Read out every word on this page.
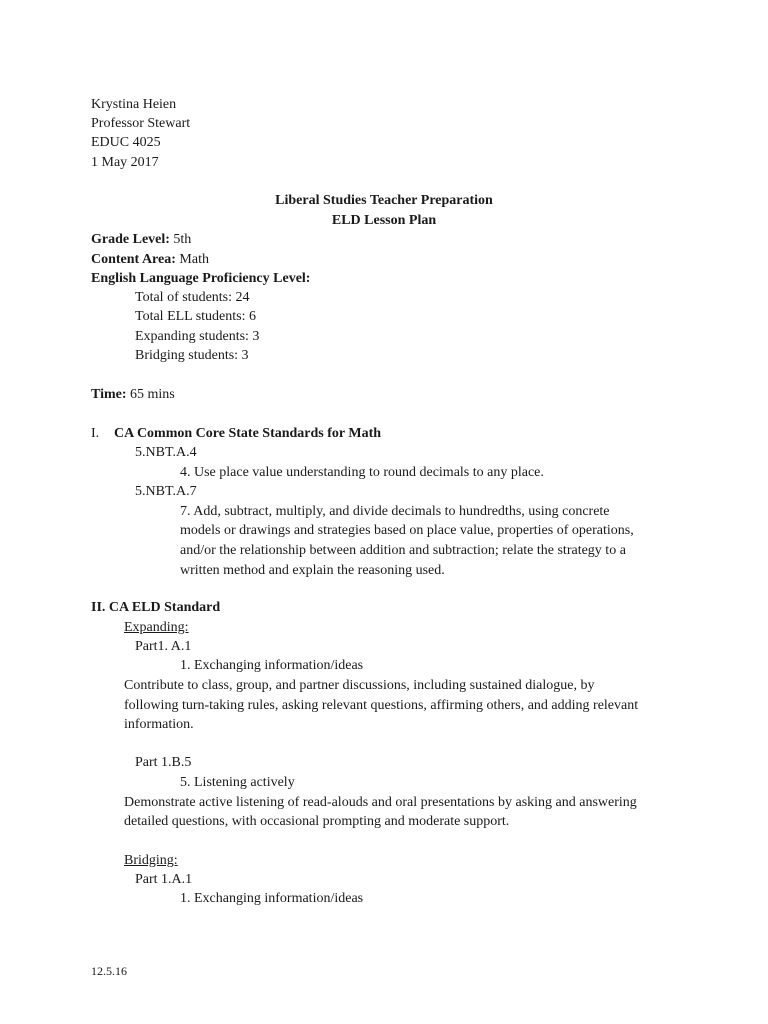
Krystina Heien
Professor Stewart
EDUC 4025
1 May 2017
Liberal Studies Teacher Preparation
ELD Lesson Plan
Grade Level: 5th
Content Area: Math
English Language Proficiency Level:
Total of students: 24
Total ELL students: 6
Expanding students: 3
Bridging students: 3
Time: 65 mins
I. CA Common Core State Standards for Math
5.NBT.A.4
4. Use place value understanding to round decimals to any place.
5.NBT.A.7
7. Add, subtract, multiply, and divide decimals to hundredths, using concrete
models or drawings and strategies based on place value, properties of operations,
and/or the relationship between addition and subtraction; relate the strategy to a
written method and explain the reasoning used.
II. CA ELD Standard
Expanding:
Part1. A.1
1. Exchanging information/ideas
Contribute to class, group, and partner discussions, including sustained dialogue, by
following turn-taking rules, asking relevant questions, affirming others, and adding relevant
information.
Part 1.B.5
5. Listening actively
Demonstrate active listening of read-alouds and oral presentations by asking and answering
detailed questions, with occasional prompting and moderate support.
Bridging:
Part 1.A.1
1. Exchanging information/ideas
12.5.16
